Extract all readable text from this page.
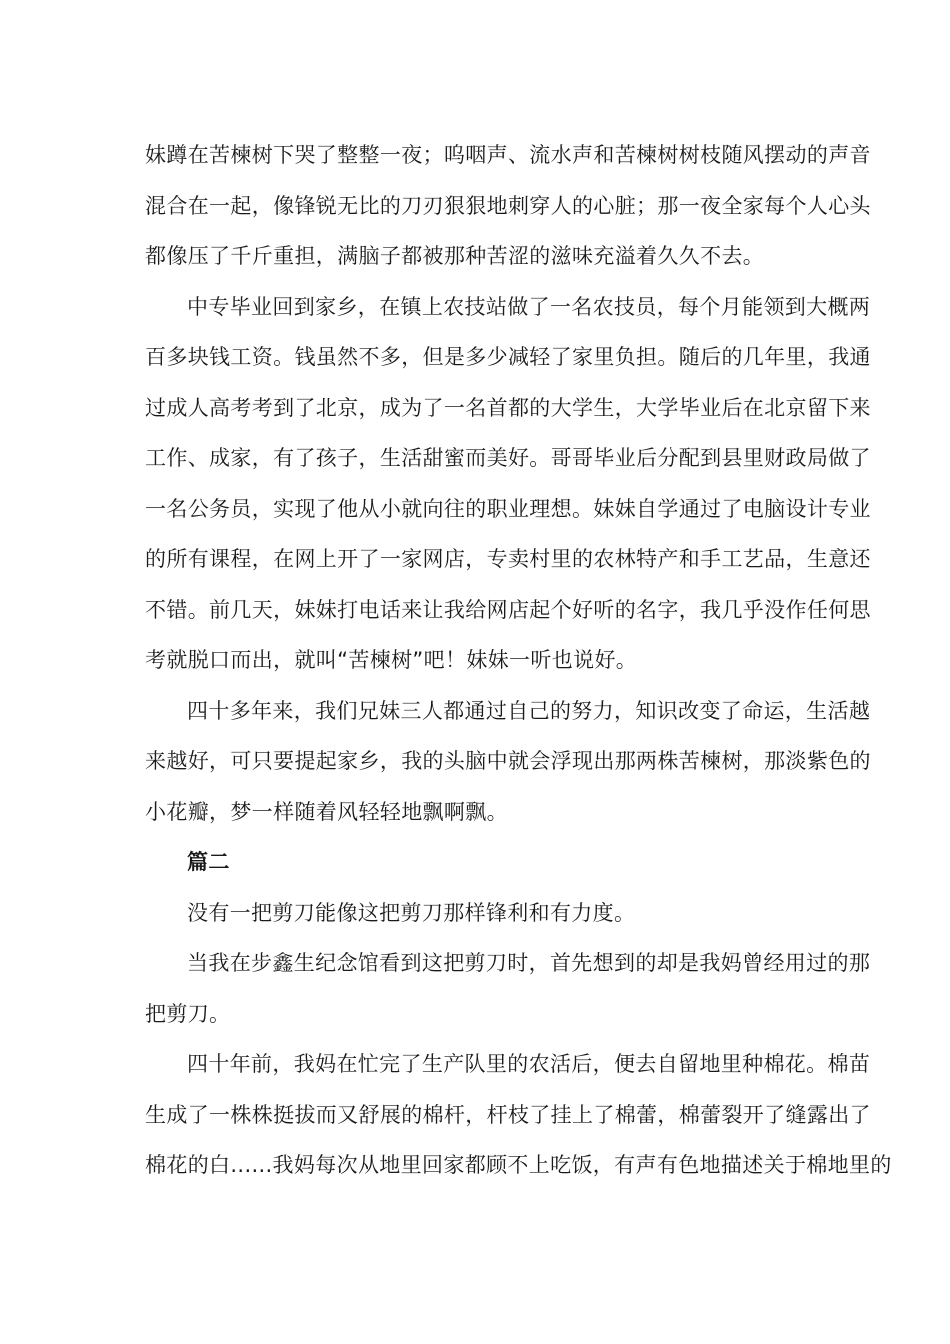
妹蹲在苦楝树下哭了整整一夜；呜咽声、流水声和苦楝树树枝随风摆动的声音
混合在一起，像锋锐无比的刀刃狠狠地刺穿人的心脏；那一夜全家每个人心头
都像压了千斤重担，满脑子都被那种苦涩的滋味充溢着久久不去。
中专毕业回到家乡，在镇上农技站做了一名农技员，每个月能领到大概两
百多块钱工资。钱虽然不多，但是多少减轻了家里负担。随后的几年里，我通
过成人高考考到了北京，成为了一名首都的大学生，大学毕业后在北京留下来
工作、成家，有了孩子，生活甜蜜而美好。哥哥毕业后分配到县里财政局做了
一名公务员，实现了他从小就向往的职业理想。妹妹自学通过了电脑设计专业
的所有课程，在网上开了一家网店，专卖村里的农林特产和手工艺品，生意还
不错。前几天，妹妹打电话来让我给网店起个好听的名字，我几乎没作任何思
考就脱口而出，就叫“苦楝树”吧！妹妹一听也说好。
四十多年来，我们兄妹三人都通过自己的努力，知识改变了命运，生活越
来越好，可只要提起家乡，我的头脑中就会浮现出那两株苦楝树，那淡紫色的
小花瓣，梦一样随着风轻轻地飘啊飘。
篇二
没有一把剪刀能像这把剪刀那样锋利和有力度。
当我在步鑫生纪念馆看到这把剪刀时，首先想到的却是我妈曾经用过的那
把剪刀。
四十年前，我妈在忙完了生产队里的农活后，便去自留地里种棉花。棉苗
生成了一株株挺拔而又舒展的棉杆，杆枝了挂上了棉蕾，棉蕾裂开了缝露出了
棉花的白......我妈每次从地里回家都顾不上吃饭，有声有色地描述关于棉地里的
